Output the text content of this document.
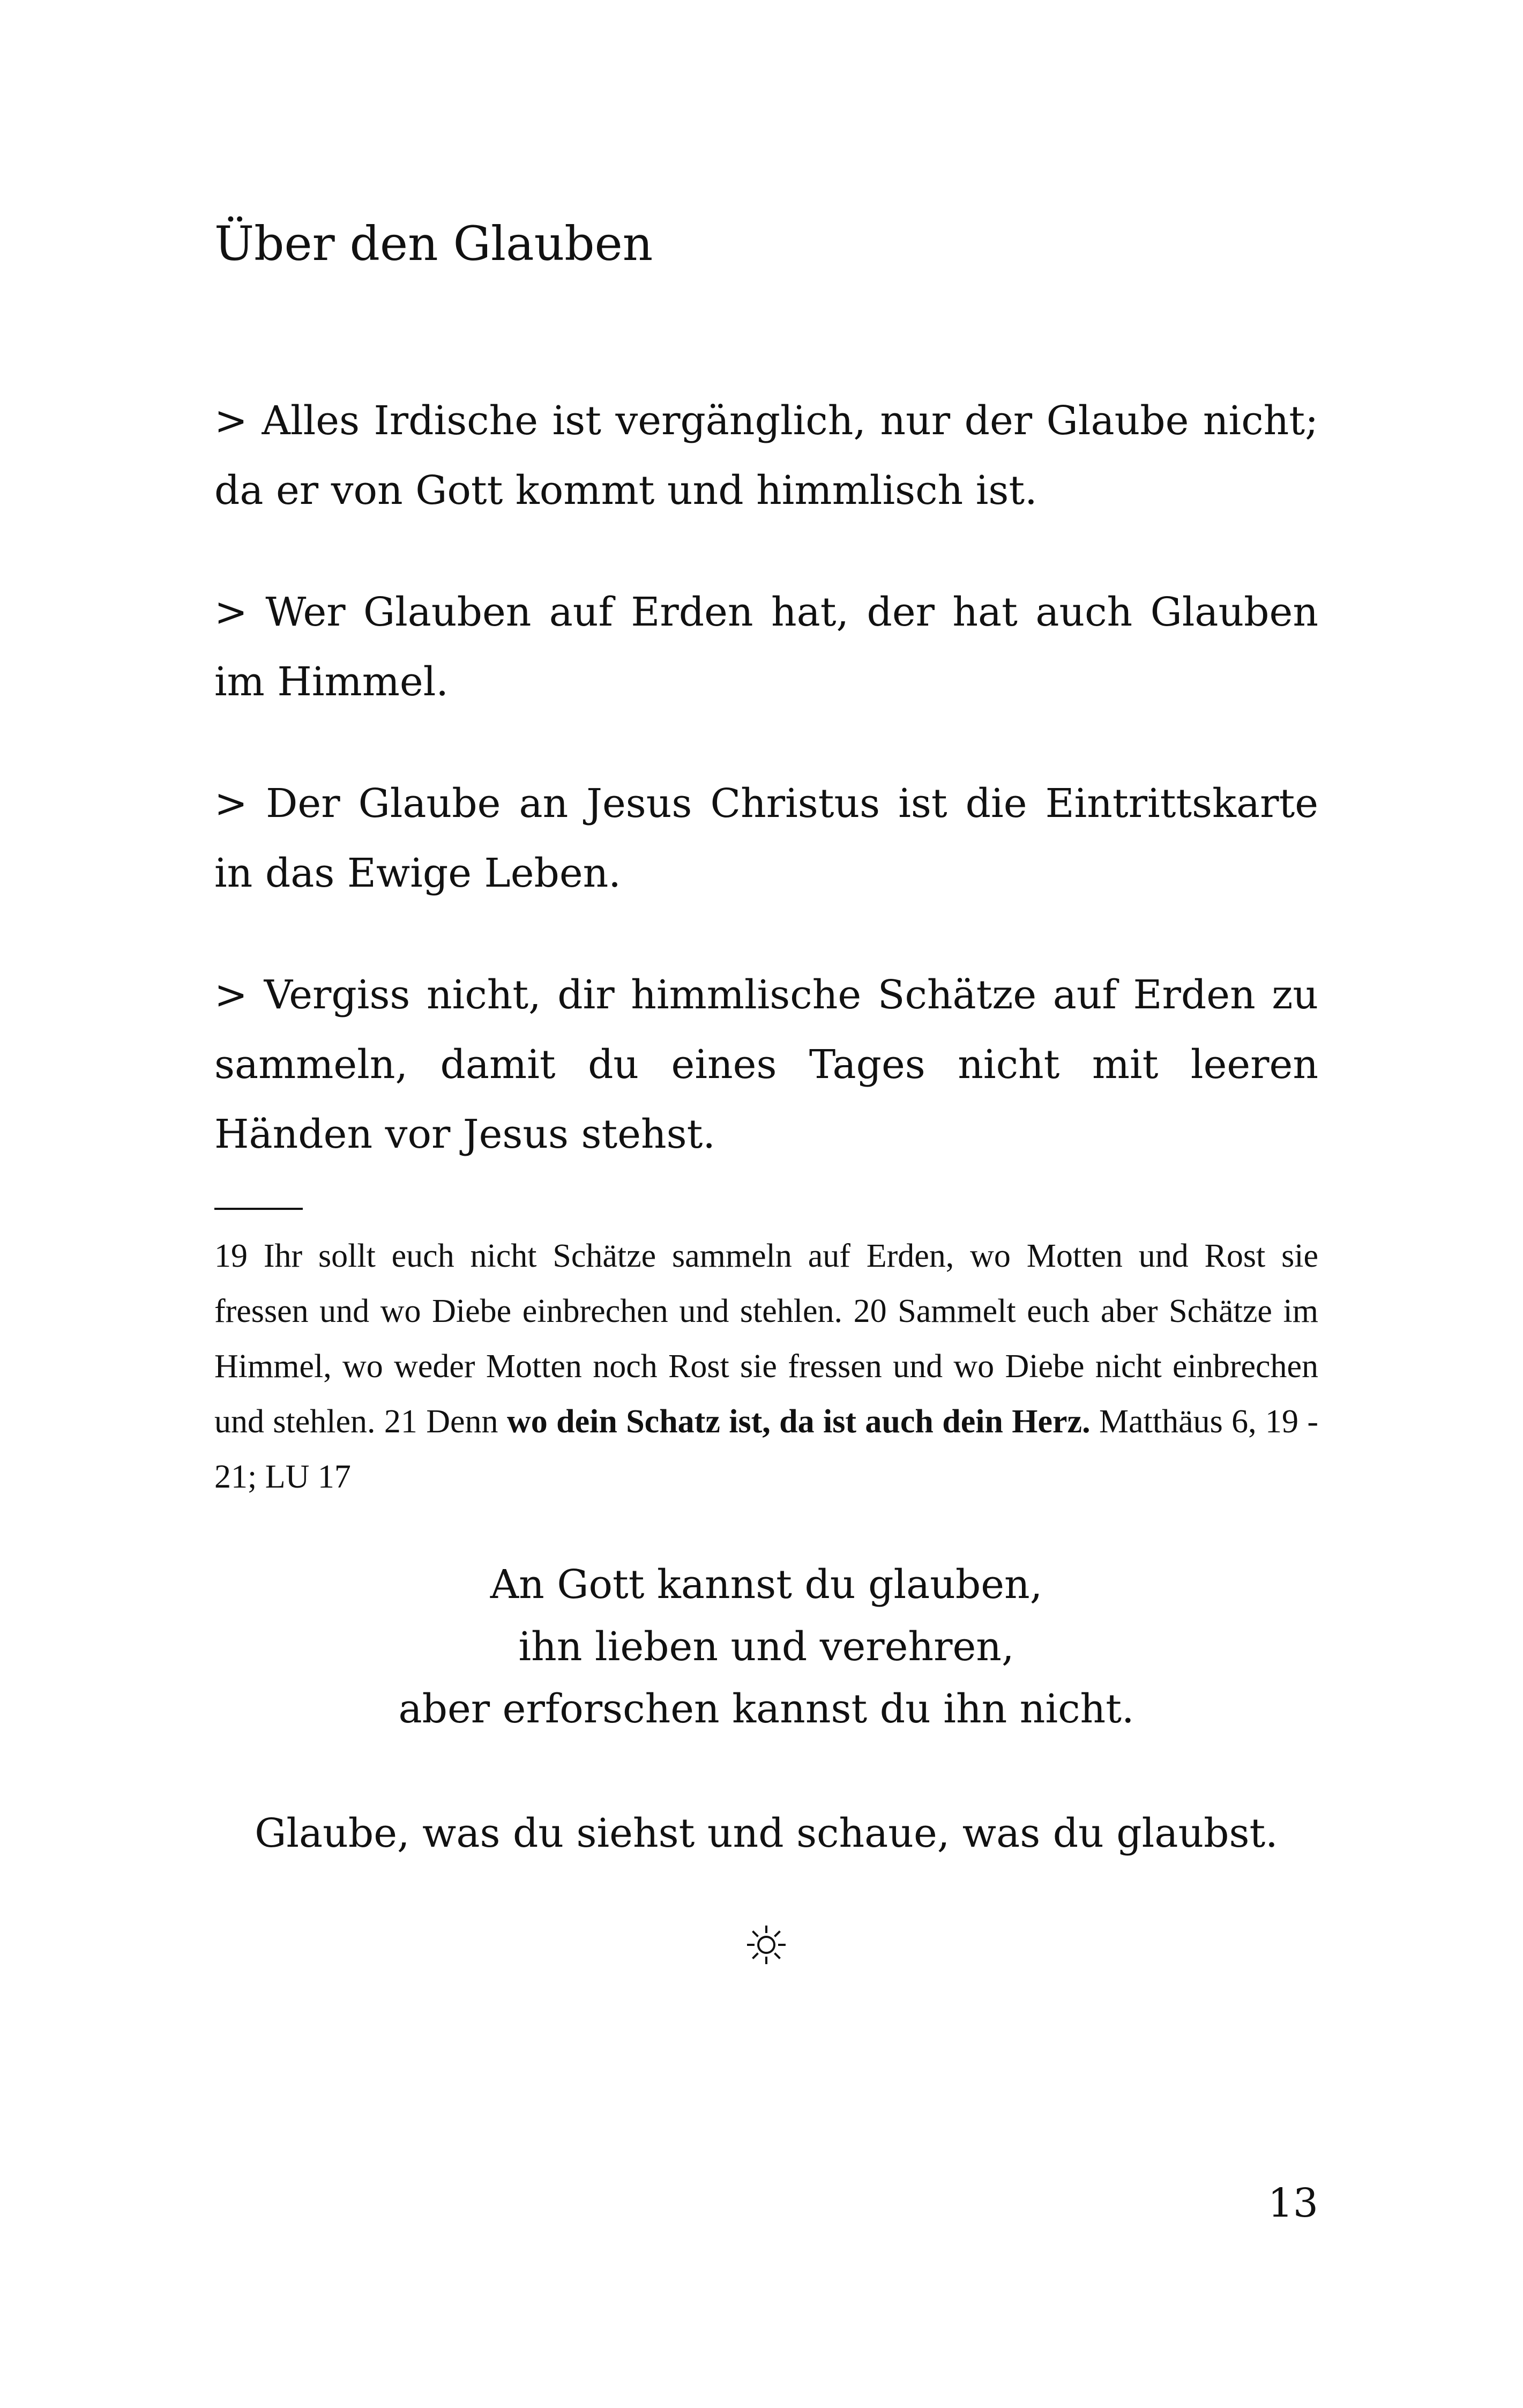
Über den Glauben

> Alles Irdische ist vergänglich, nur der Glaube nicht; da er von Gott kommt und himmlisch ist.

> Wer Glauben auf Erden hat, der hat auch Glauben im Himmel.

> Der Glaube an Jesus Christus ist die Eintrittskarte in das Ewige Leben.

> Vergiss nicht, dir himmlische Schätze auf Erden zu sammeln, damit du eines Tages nicht mit leeren Händen vor Jesus stehst.

19 Ihr sollt euch nicht Schätze sammeln auf Erden, wo Motten und Rost sie fressen und wo Diebe einbrechen und stehlen. 20 Sammelt euch aber Schätze im Himmel, wo weder Motten noch Rost sie fressen und wo Diebe nicht einbrechen und stehlen. 21 Denn wo dein Schatz ist, da ist auch dein Herz. Matthäus 6, 19 - 21; LU 17

An Gott kannst du glauben,

ihn lieben und verehren,

aber erforschen kannst du ihn nicht.

Glaube, was du siehst und schaue, was du glaubst.

13
